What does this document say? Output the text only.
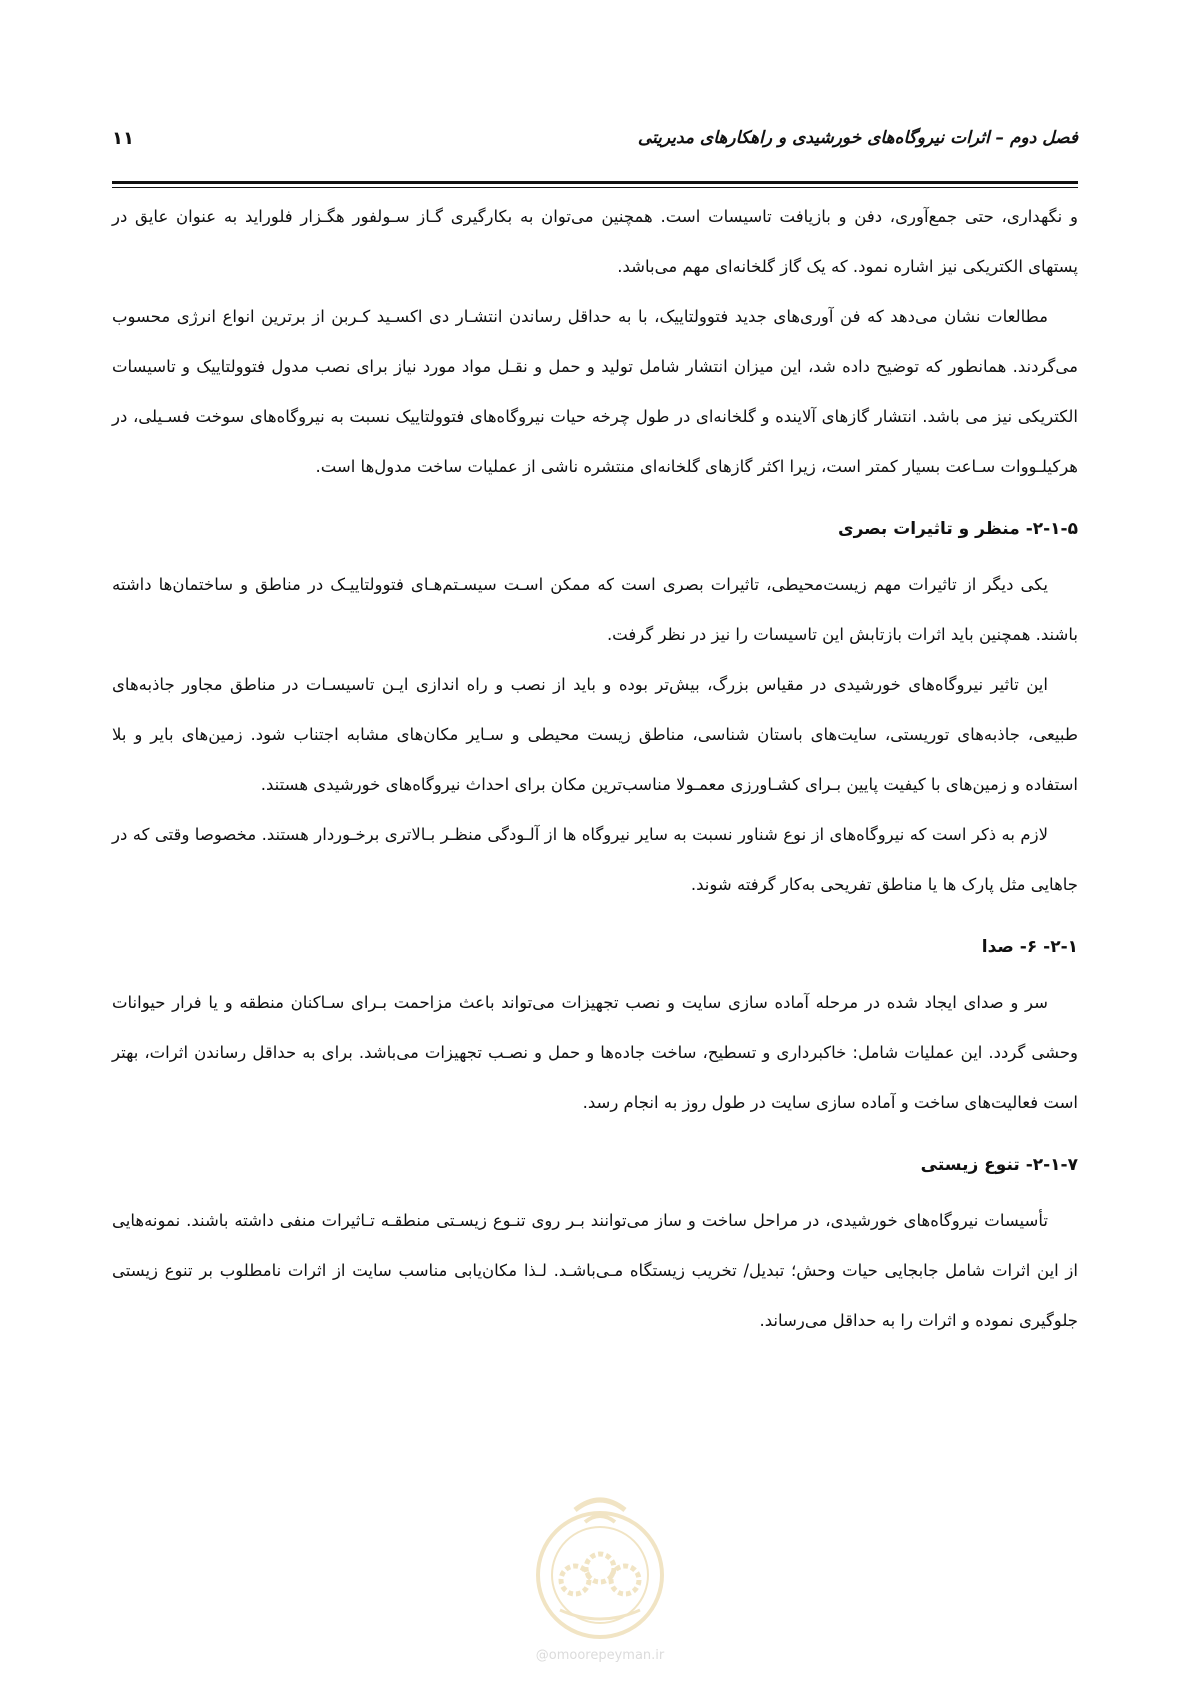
فصل دوم – اثرات نیروگاه‌های خورشیدی و راهکارهای مدیریتی
۱۱

و نگهداری، حتی جمع‌آوری، دفن و بازیافت تاسیسات است. همچنین می‌توان به بکارگیری گـاز سـولفور هگـزار فلوراید به عنوان عایق در پستهای الکتریکی نیز اشاره نمود. که یک گاز گلخانه‌ای مهم می‌باشد.

مطالعات نشان می‌دهد که فن آوری‌های جدید فتوولتاییک، با به حداقل رساندن انتشـار دی اکسـید کـربن از برترین انواع انرژی محسوب می‌گردند. همانطور که توضیح داده شد، این میزان انتشار شامل تولید و حمل و نقـل مواد مورد نیاز برای نصب مدول فتوولتاییک و تاسیسات الکتریکی نیز می باشد. انتشار گازهای آلاینده و گلخانه‌ای در طول چرخه حیات نیروگاه‌های فتوولتاییک نسبت به نیروگاه‌های سوخت فسـیلی، در هرکیلـووات سـاعت بسیار کمتر است، زیرا اکثر گازهای گلخانه‌ای منتشره ناشی از عملیات ساخت مدول‌ها است.

۲-۱-۵- منظر و تاثیرات بصری

یکی دیگر از تاثیرات مهم زیست‌محیطی، تاثیرات بصری است که ممکن اسـت سیسـتم‌هـای فتوولتاییـک در مناطق و ساختمان‌ها داشته باشند. همچنین باید اثرات بازتابش این تاسیسات را نیز در نظر گرفت.

این تاثیر نیروگاه‌های خورشیدی در مقیاس بزرگ، بیش‌تر بوده و باید از نصب و راه اندازی ایـن تاسیسـات در مناطق مجاور جاذبه‌های طبیعی، جاذبه‌های توریستی، سایت‌های باستان شناسی، مناطق زیست محیطی و سـایر مکان‌های مشابه اجتناب شود. زمین‌های بایر و بلا استفاده و زمین‌های با کیفیت پایین بـرای کشـاورزی معمـولا مناسب‌ترین مکان برای احداث نیروگاه‌های خورشیدی هستند.

لازم به ذکر است که نیروگاه‌های از نوع شناور نسبت به سایر نیروگاه ها از آلـودگی منظـر بـالاتری برخـوردار هستند. مخصوصا وقتی که در جاهایی مثل پارک ها یا مناطق تفریحی به‌کار گرفته شوند.

۲-۱- ۶- صدا

سر و صدای ایجاد شده در مرحله آماده سازی سایت و نصب تجهیزات می‌تواند باعث مزاحمت بـرای سـاکنان منطقه و یا فرار حیوانات وحشی گردد. این عملیات شامل: خاکبرداری و تسطیح، ساخت جاده‌ها و حمل و نصـب تجهیزات می‌باشد. برای به حداقل رساندن اثرات، بهتر است فعالیت‌های ساخت و آماده سازی سایت در طول روز به انجام رسد.

۲-۱-۷- تنوع زیستی

تأسیسات نیروگاه‌های خورشیدی، در مراحل ساخت و ساز می‌توانند بـر روی تنـوع زیسـتی منطقـه تـاثیرات منفی داشته باشند. نمونه‌هایی از این اثرات شامل جابجایی حیات وحش؛ تبدیل/ تخریب زیستگاه مـی‌باشـد. لـذا مکان‌یابی مناسب سایت از اثرات نامطلوب بر تنوع زیستی جلوگیری نموده و اثرات را به حداقل می‌رساند.

@omoorepeyman.ir
